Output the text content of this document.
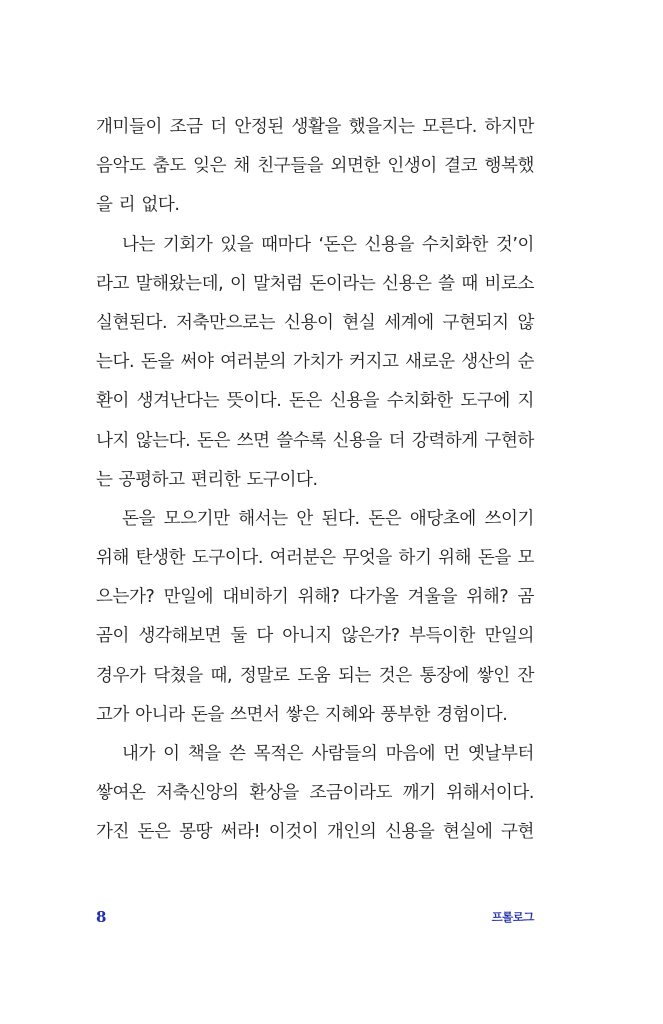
개미들이 조금 더 안정된 생활을 했을지는 모른다. 하지만
음악도 춤도 잊은 채 친구들을 외면한 인생이 결코 행복했
을 리 없다.
나는 기회가 있을 때마다 ‘돈은 신용을 수치화한 것’이
라고 말해왔는데, 이 말처럼 돈이라는 신용은 쓸 때 비로소
실현된다. 저축만으로는 신용이 현실 세계에 구현되지 않
는다. 돈을 써야 여러분의 가치가 커지고 새로운 생산의 순
환이 생겨난다는 뜻이다. 돈은 신용을 수치화한 도구에 지
나지 않는다. 돈은 쓰면 쓸수록 신용을 더 강력하게 구현하
는 공평하고 편리한 도구이다.
돈을 모으기만 해서는 안 된다. 돈은 애당초에 쓰이기
위해 탄생한 도구이다. 여러분은 무엇을 하기 위해 돈을 모
으는가? 만일에 대비하기 위해? 다가올 겨울을 위해? 곰
곰이 생각해보면 둘 다 아니지 않은가? 부득이한 만일의
경우가 닥쳤을 때, 정말로 도움 되는 것은 통장에 쌓인 잔
고가 아니라 돈을 쓰면서 쌓은 지혜와 풍부한 경험이다.
내가 이 책을 쓴 목적은 사람들의 마음에 먼 옛날부터
쌓여온 저축신앙의 환상을 조금이라도 깨기 위해서이다.
가진 돈은 몽땅 써라! 이것이 개인의 신용을 현실에 구현
8	프롤로그
